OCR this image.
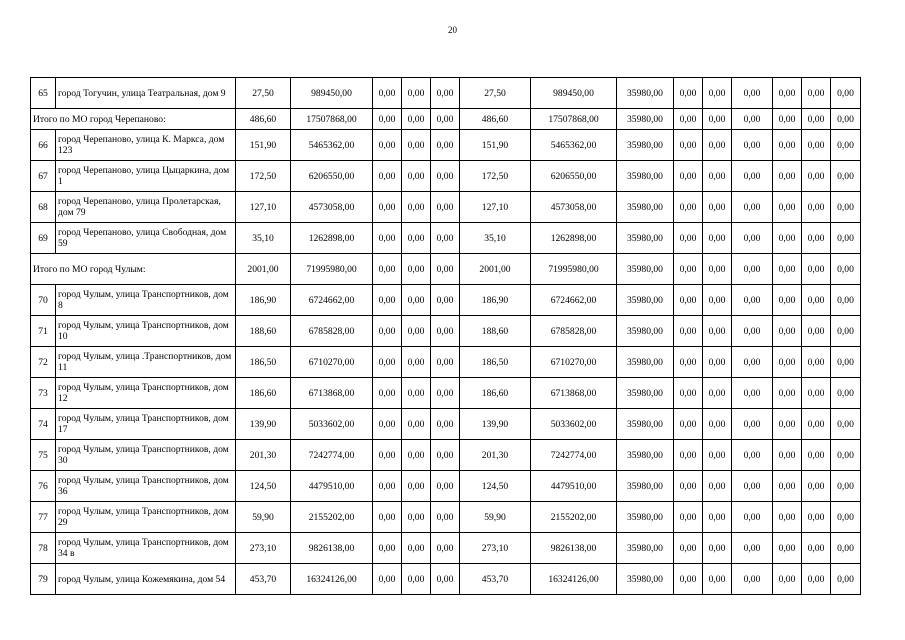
20
65	город Тогучин, улица Театральная, дом 9	27,50	989450,00	0,00	0,00	0,00	27,50	989450,00	35980,00	0,00	0,00	0,00	0,00	0,00	0,00
Итого по МО город Черепаново:		486,60	17507868,00	0,00	0,00	0,00	486,60	17507868,00	35980,00	0,00	0,00	0,00	0,00	0,00	0,00
66	город Черепаново, улица К. Маркса, дом 123	151,90	5465362,00	0,00	0,00	0,00	151,90	5465362,00	35980,00	0,00	0,00	0,00	0,00	0,00	0,00
67	город Черепаново, улица Цыцаркина, дом 1	172,50	6206550,00	0,00	0,00	0,00	172,50	6206550,00	35980,00	0,00	0,00	0,00	0,00	0,00	0,00
68	город Черепаново, улица Пролетарская, дом 79	127,10	4573058,00	0,00	0,00	0,00	127,10	4573058,00	35980,00	0,00	0,00	0,00	0,00	0,00	0,00
69	город Черепаново, улица Свободная, дом 59	35,10	1262898,00	0,00	0,00	0,00	35,10	1262898,00	35980,00	0,00	0,00	0,00	0,00	0,00	0,00
Итого по МО город Чулым:		2001,00	71995980,00	0,00	0,00	0,00	2001,00	71995980,00	35980,00	0,00	0,00	0,00	0,00	0,00	0,00
70	город Чулым, улица Транспортников, дом 8	186,90	6724662,00	0,00	0,00	0,00	186,90	6724662,00	35980,00	0,00	0,00	0,00	0,00	0,00	0,00
71	город Чулым, улица Транспортников, дом 10	188,60	6785828,00	0,00	0,00	0,00	188,60	6785828,00	35980,00	0,00	0,00	0,00	0,00	0,00	0,00
72	город Чулым, улица .Транспортников, дом 11	186,50	6710270,00	0,00	0,00	0,00	186,50	6710270,00	35980,00	0,00	0,00	0,00	0,00	0,00	0,00
73	город Чулым, улица Транспортников, дом 12	186,60	6713868,00	0,00	0,00	0,00	186,60	6713868,00	35980,00	0,00	0,00	0,00	0,00	0,00	0,00
74	город Чулым, улица Транспортников, дом 17	139,90	5033602,00	0,00	0,00	0,00	139,90	5033602,00	35980,00	0,00	0,00	0,00	0,00	0,00	0,00
75	город Чулым, улица Транспортников, дом 30	201,30	7242774,00	0,00	0,00	0,00	201,30	7242774,00	35980,00	0,00	0,00	0,00	0,00	0,00	0,00
76	город Чулым, улица Транспортников, дом 36	124,50	4479510,00	0,00	0,00	0,00	124,50	4479510,00	35980,00	0,00	0,00	0,00	0,00	0,00	0,00
77	город Чулым, улица Транспортников, дом 29	59,90	2155202,00	0,00	0,00	0,00	59,90	2155202,00	35980,00	0,00	0,00	0,00	0,00	0,00	0,00
78	город Чулым, улица Транспортников, дом 34 в	273,10	9826138,00	0,00	0,00	0,00	273,10	9826138,00	35980,00	0,00	0,00	0,00	0,00	0,00	0,00
79	город Чулым, улица Кожемякина, дом 54	453,70	16324126,00	0,00	0,00	0,00	453,70	16324126,00	35980,00	0,00	0,00	0,00	0,00	0,00	0,00
